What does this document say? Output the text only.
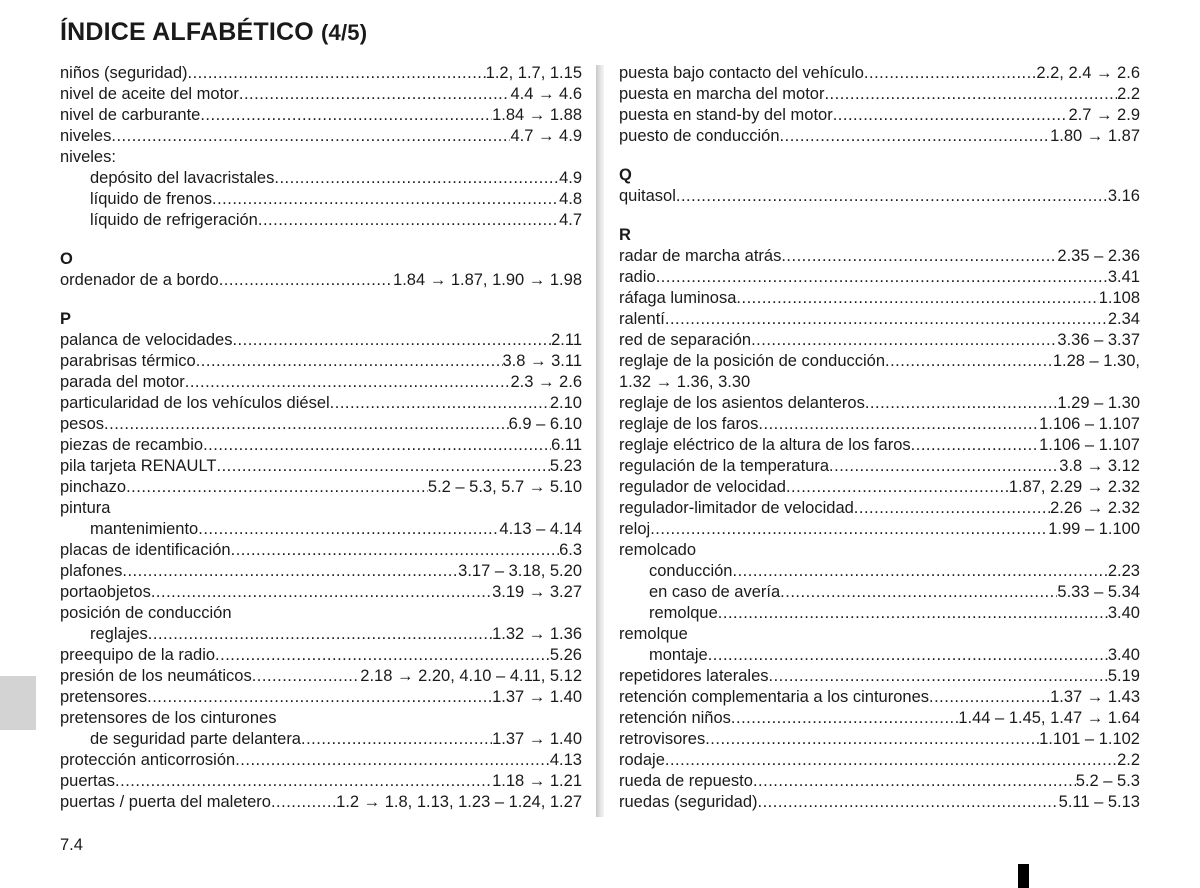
ÍNDICE ALFABÉTICO (4/5)
niños (seguridad) .....	1.2, 1.7, 1.15
nivel de aceite del motor .....	4.4 → 4.6
nivel de carburante .....	1.84 → 1.88
niveles .....	4.7 → 4.9
niveles:
depósito del lavacristales .....	4.9
líquido de frenos .....	4.8
líquido de refrigeración .....	4.7
O
ordenador de a bordo .....	1.84 → 1.87, 1.90 → 1.98
P
palanca de velocidades .....	2.11
parabrisas térmico .....	3.8 → 3.11
parada del motor .....	2.3 → 2.6
particularidad de los vehículos diésel .....	2.10
pesos .....	6.9 – 6.10
piezas de recambio .....	6.11
pila tarjeta RENAULT .....	5.23
pinchazo .....	5.2 – 5.3, 5.7 → 5.10
pintura
mantenimiento .....	4.13 – 4.14
placas de identificación .....	6.3
plafones .....	3.17 – 3.18, 5.20
portaobjetos .....	3.19 → 3.27
posición de conducción
reglajes .....	1.32 → 1.36
preequipo de la radio .....	5.26
presión de los neumáticos .....	2.18 → 2.20, 4.10 – 4.11, 5.12
pretensores .....	1.37 → 1.40
pretensores de los cinturones
de seguridad parte delantera .....	1.37 → 1.40
protección anticorrosión .....	4.13
puertas .....	1.18 → 1.21
puertas / puerta del maletero .....	1.2 → 1.8, 1.13, 1.23 – 1.24, 1.27
puesta bajo contacto del vehículo .....	2.2, 2.4 → 2.6
puesta en marcha del motor .....	2.2
puesta en stand-by del motor .....	2.7 → 2.9
puesto de conducción .....	1.80 → 1.87
Q
quitasol .....	3.16
R
radar de marcha atrás .....	2.35 – 2.36
radio .....	3.41
ráfaga luminosa .....	1.108
ralentí .....	2.34
red de separación .....	3.36 – 3.37
reglaje de la posición de conducción .....	1.28 – 1.30,
1.32 → 1.36, 3.30
reglaje de los asientos delanteros .....	1.29 – 1.30
reglaje de los faros .....	1.106 – 1.107
reglaje eléctrico de la altura de los faros .....	1.106 – 1.107
regulación de la temperatura .....	3.8 → 3.12
regulador de velocidad .....	1.87, 2.29 → 2.32
regulador-limitador de velocidad .....	2.26 → 2.32
reloj .....	1.99 – 1.100
remolcado
conducción .....	2.23
en caso de avería .....	5.33 – 5.34
remolque .....	3.40
remolque
montaje .....	3.40
repetidores laterales .....	5.19
retención complementaria a los cinturones .....	1.37 → 1.43
retención niños .....	1.44 – 1.45, 1.47 → 1.64
retrovisores .....	1.101 – 1.102
rodaje .....	2.2
rueda de repuesto .....	5.2 – 5.3
ruedas (seguridad) .....	5.11 – 5.13
7.4
